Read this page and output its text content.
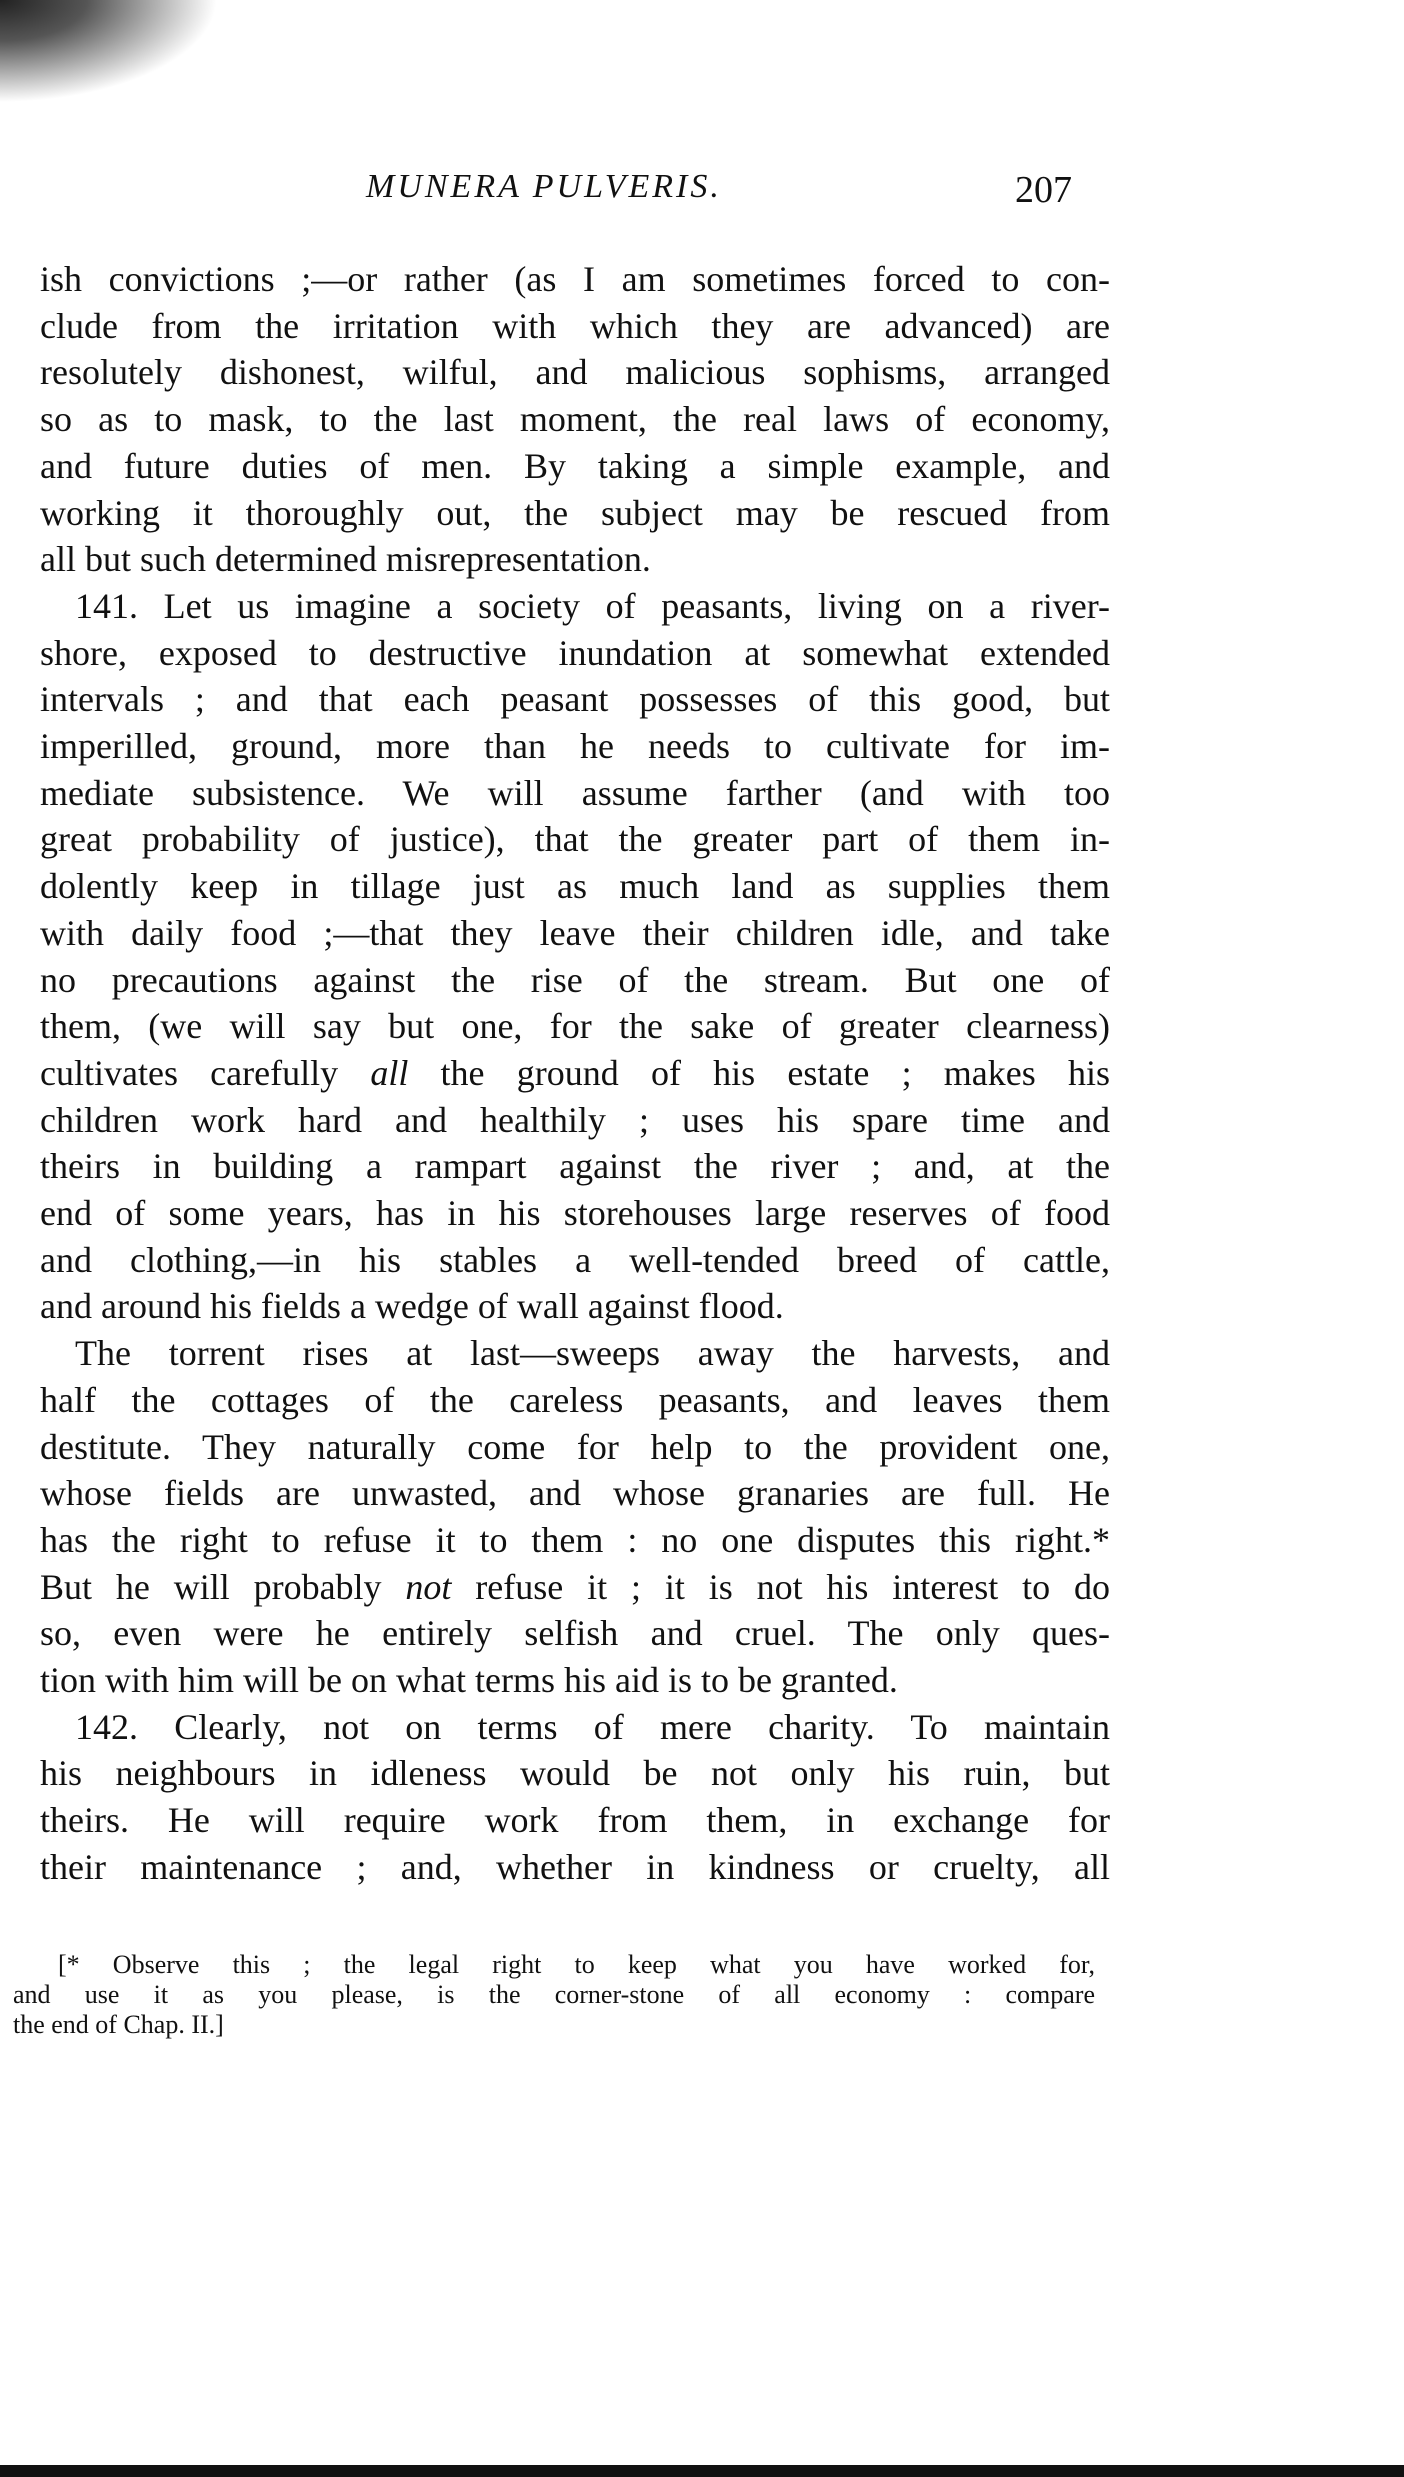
MUNERA PULVERIS.	207
ish convictions ;—or rather (as I am sometimes forced to con-
clude from the irritation with which they are advanced) are
resolutely dishonest, wilful, and malicious sophisms, arranged
so as to mask, to the last moment, the real laws of economy,
and future duties of men. By taking a simple example, and
working it thoroughly out, the subject may be rescued from
all but such determined misrepresentation.
141. Let us imagine a society of peasants, living on a river-
shore, exposed to destructive inundation at somewhat extended
intervals ; and that each peasant possesses of this good, but
imperilled, ground, more than he needs to cultivate for im-
mediate subsistence. We will assume farther (and with too
great probability of justice), that the greater part of them in-
dolently keep in tillage just as much land as supplies them
with daily food ;—that they leave their children idle, and take
no precautions against the rise of the stream. But one of
them, (we will say but one, for the sake of greater clearness)
cultivates carefully all the ground of his estate ; makes his
children work hard and healthily ; uses his spare time and
theirs in building a rampart against the river ; and, at the
end of some years, has in his storehouses large reserves of food
and clothing,—in his stables a well-tended breed of cattle,
and around his fields a wedge of wall against flood.
The torrent rises at last—sweeps away the harvests, and
half the cottages of the careless peasants, and leaves them
destitute. They naturally come for help to the provident one,
whose fields are unwasted, and whose granaries are full. He
has the right to refuse it to them : no one disputes this right.*
But he will probably not refuse it ; it is not his interest to do
so, even were he entirely selfish and cruel. The only ques-
tion with him will be on what terms his aid is to be granted.
142. Clearly, not on terms of mere charity. To maintain
his neighbours in idleness would be not only his ruin, but
theirs. He will require work from them, in exchange for
their maintenance ; and, whether in kindness or cruelty, all
[* Observe this ; the legal right to keep what you have worked for,
and use it as you please, is the corner-stone of all economy : compare
the end of Chap. II.]
